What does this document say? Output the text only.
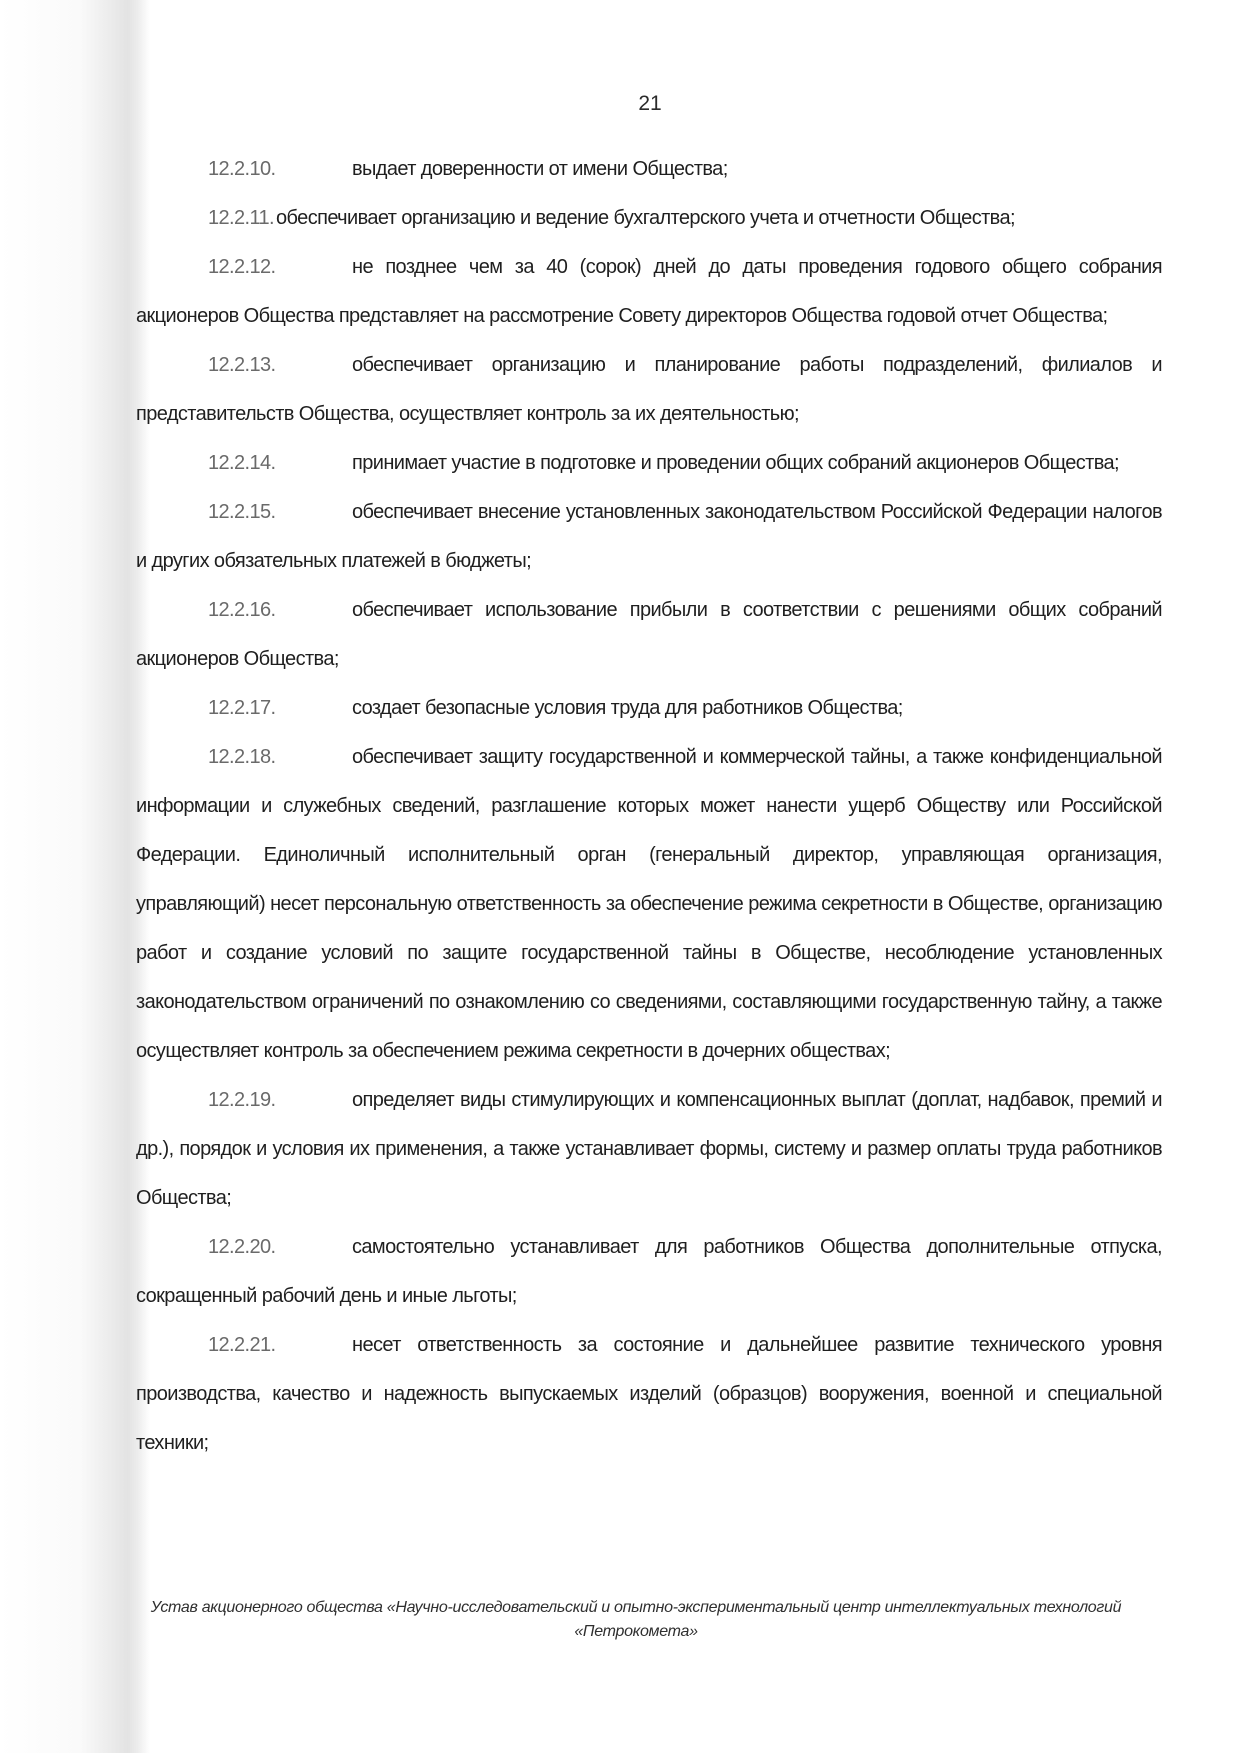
21

12.2.10.	выдает доверенности от имени Общества;

12.2.11. обеспечивает организацию и ведение бухгалтерского учета и отчетности Общества;

12.2.12.	не позднее чем за 40 (сорок) дней до даты проведения годового общего собрания акционеров Общества представляет на рассмотрение Совету директоров Общества годовой отчет Общества;

12.2.13.	обеспечивает организацию и планирование работы подразделений, филиалов и представительств Общества, осуществляет контроль за их деятельностью;

12.2.14.	принимает участие в подготовке и проведении общих собраний акционеров Общества;

12.2.15.	обеспечивает внесение установленных законодательством Российской Федерации налогов и других обязательных платежей в бюджеты;

12.2.16.	обеспечивает использование прибыли в соответствии с решениями общих собраний акционеров Общества;

12.2.17.	создает безопасные условия труда для работников Общества;

12.2.18.	обеспечивает защиту государственной и коммерческой тайны, а также конфиденциальной информации и служебных сведений, разглашение которых может нанести ущерб Обществу или Российской Федерации. Единоличный исполнительный орган (генеральный директор, управляющая организация, управляющий) несет персональную ответственность за обеспечение режима секретности в Обществе, организацию работ и создание условий по защите государственной тайны в Обществе, несоблюдение установленных законодательством ограничений по ознакомлению со сведениями, составляющими государственную тайну, а также осуществляет контроль за обеспечением режима секретности в дочерних обществах;

12.2.19.	определяет виды стимулирующих и компенсационных выплат (доплат, надбавок, премий и др.), порядок и условия их применения, а также устанавливает формы, систему и размер оплаты труда работников Общества;

12.2.20.	самостоятельно устанавливает для работников Общества дополнительные отпуска, сокращенный рабочий день и иные льготы;

12.2.21.	несет ответственность за состояние и дальнейшее развитие технического уровня производства, качество и надежность выпускаемых изделий (образцов) вооружения, военной и специальной техники;

Устав акционерного общества «Научно-исследовательский и опытно-экспериментальный центр интеллектуальных технологий
«Петрокомета»
